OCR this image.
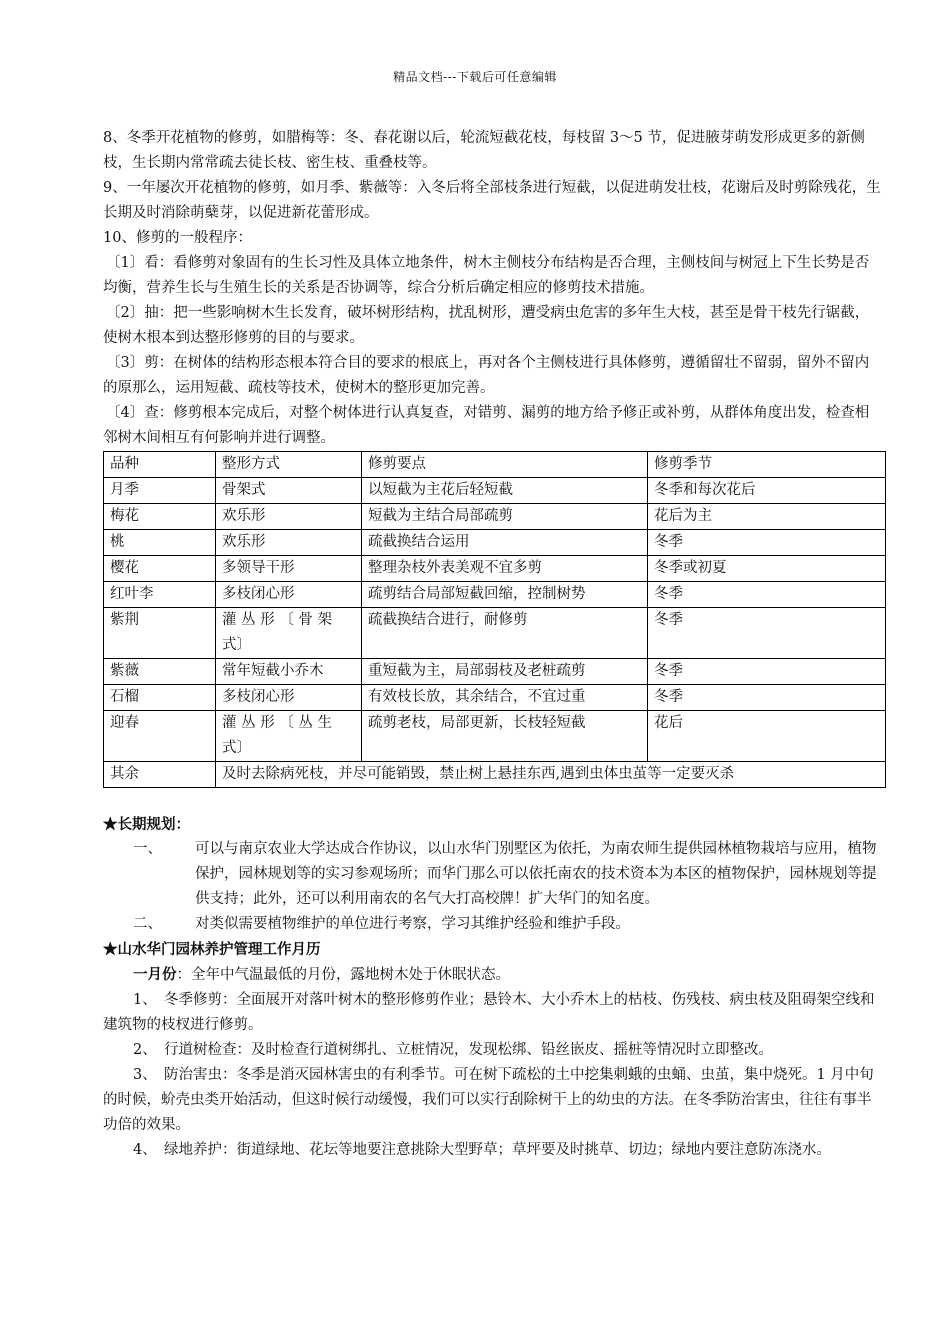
精品文档---下载后可任意编辑

8、冬季开花植物的修剪，如腊梅等：冬、春花谢以后，轮流短截花枝，每枝留 3～5 节，促进腋芽萌发形成更多的新侧枝，生长期内常常疏去徒长枝、密生枝、重叠枝等。

9、一年屡次开花植物的修剪，如月季、紫薇等：入冬后将全部枝条进行短截，以促进萌发壮枝，花谢后及时剪除残花，生长期及时消除萌蘖芽，以促进新花蕾形成。

10、修剪的一般程序：

〔1〕看：看修剪对象固有的生长习性及具体立地条件，树木主侧枝分布结构是否合理，主侧枝间与树冠上下生长势是否均衡，营养生长与生殖生长的关系是否协调等，综合分析后确定相应的修剪技术措施。

〔2〕抽：把一些影响树木生长发育，破坏树形结构，扰乱树形，遭受病虫危害的多年生大枝，甚至是骨干枝先行锯截，使树木根本到达整形修剪的目的与要求。

〔3〕剪：在树体的结构形态根本符合目的要求的根底上，再对各个主侧枝进行具体修剪，遵循留壮不留弱，留外不留内的原那么，运用短截、疏枝等技术，使树木的整形更加完善。

〔4〕查：修剪根本完成后，对整个树体进行认真复查，对错剪、漏剪的地方给予修正或补剪，从群体角度出发，检查相邻树木间相互有何影响并进行调整。

品种	整形方式	修剪要点	修剪季节
月季	骨架式	以短截为主花后轻短截	冬季和每次花后
梅花	欢乐形	短截为主结合局部疏剪	花后为主
桃	欢乐形	疏截换结合运用	冬季
樱花	多领导干形	整理杂枝外表美观不宜多剪	冬季或初夏
红叶李	多枝闭心形	疏剪结合局部短截回缩，控制树势	冬季
紫荆	灌 丛 形 〔 骨 架 式〕	疏截换结合进行，耐修剪	冬季
紫薇	常年短截小乔木	重短截为主，局部弱枝及老桩疏剪	冬季
石榴	多枝闭心形	有效枝长放，其余结合，不宜过重	冬季
迎春	灌 丛 形 〔 丛 生 式〕	疏剪老枝，局部更新，长枝轻短截	花后
其余	及时去除病死枝，并尽可能销毁，禁止树上悬挂东西,遇到虫体虫茧等一定要灭杀		

★长期规划：

一、	可以与南京农业大学达成合作协议，以山水华门别墅区为依托，为南农师生提供园林植物栽培与应用，植物保护，园林规划等的实习参观场所；而华门那么可以依托南农的技术资本为本区的植物保护，园林规划等提供支持；此外，还可以利用南农的名气大打高校牌！扩大华门的知名度。
二、	对类似需要植物维护的单位进行考察，学习其维护经验和维护手段。

★山水华门园林养护管理工作月历

一月份：全年中气温最低的月份，露地树木处于休眠状态。

1、　冬季修剪：全面展开对落叶树木的整形修剪作业；悬铃木、大小乔木上的枯枝、伤残枝、病虫枝及阻碍架空线和建筑物的枝杈进行修剪。

2、　行道树检查：及时检查行道树绑扎、立桩情况，发现松绑、铅丝嵌皮、摇桩等情况时立即整改。

3、　防治害虫：冬季是消灭园林害虫的有利季节。可在树下疏松的土中挖集刺蛾的虫蛹、虫茧，集中烧死。1 月中旬的时候，蚧壳虫类开始活动，但这时候行动缓慢，我们可以实行刮除树干上的幼虫的方法。在冬季防治害虫，往往有事半功倍的效果。

4、　绿地养护：街道绿地、花坛等地要注意挑除大型野草；草坪要及时挑草、切边；绿地内要注意防冻浇水。
